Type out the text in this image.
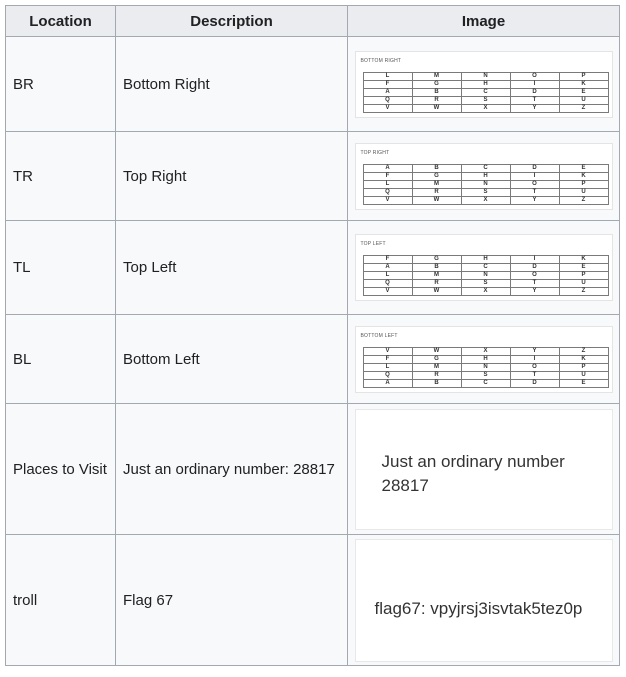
Location	Description	Image
BR	Bottom Right	
BOTTOM RIGHT
L	M	N	O	P
F	G	H	I	K
A	B	C	D	E
Q	R	S	T	U
V	W	X	Y	Z

TR	Top Right	
TOP RIGHT
A	B	C	D	E
F	G	H	I	K
L	M	N	O	P
Q	R	S	T	U
V	W	X	Y	Z

TL	Top Left	
TOP LEFT
F	G	H	I	K
A	B	C	D	E
L	M	N	O	P
Q	R	S	T	U
V	W	X	Y	Z

BL	Bottom Left	
BOTTOM LEFT
V	W	X	Y	Z
F	G	H	I	K
L	M	N	O	P
Q	R	S	T	U
A	B	C	D	E

Places to Visit	Just an ordinary number: 28817	Just an ordinary number
28817

troll	Flag 67	flag67: vpyjrsj3isvtak5tez0p
